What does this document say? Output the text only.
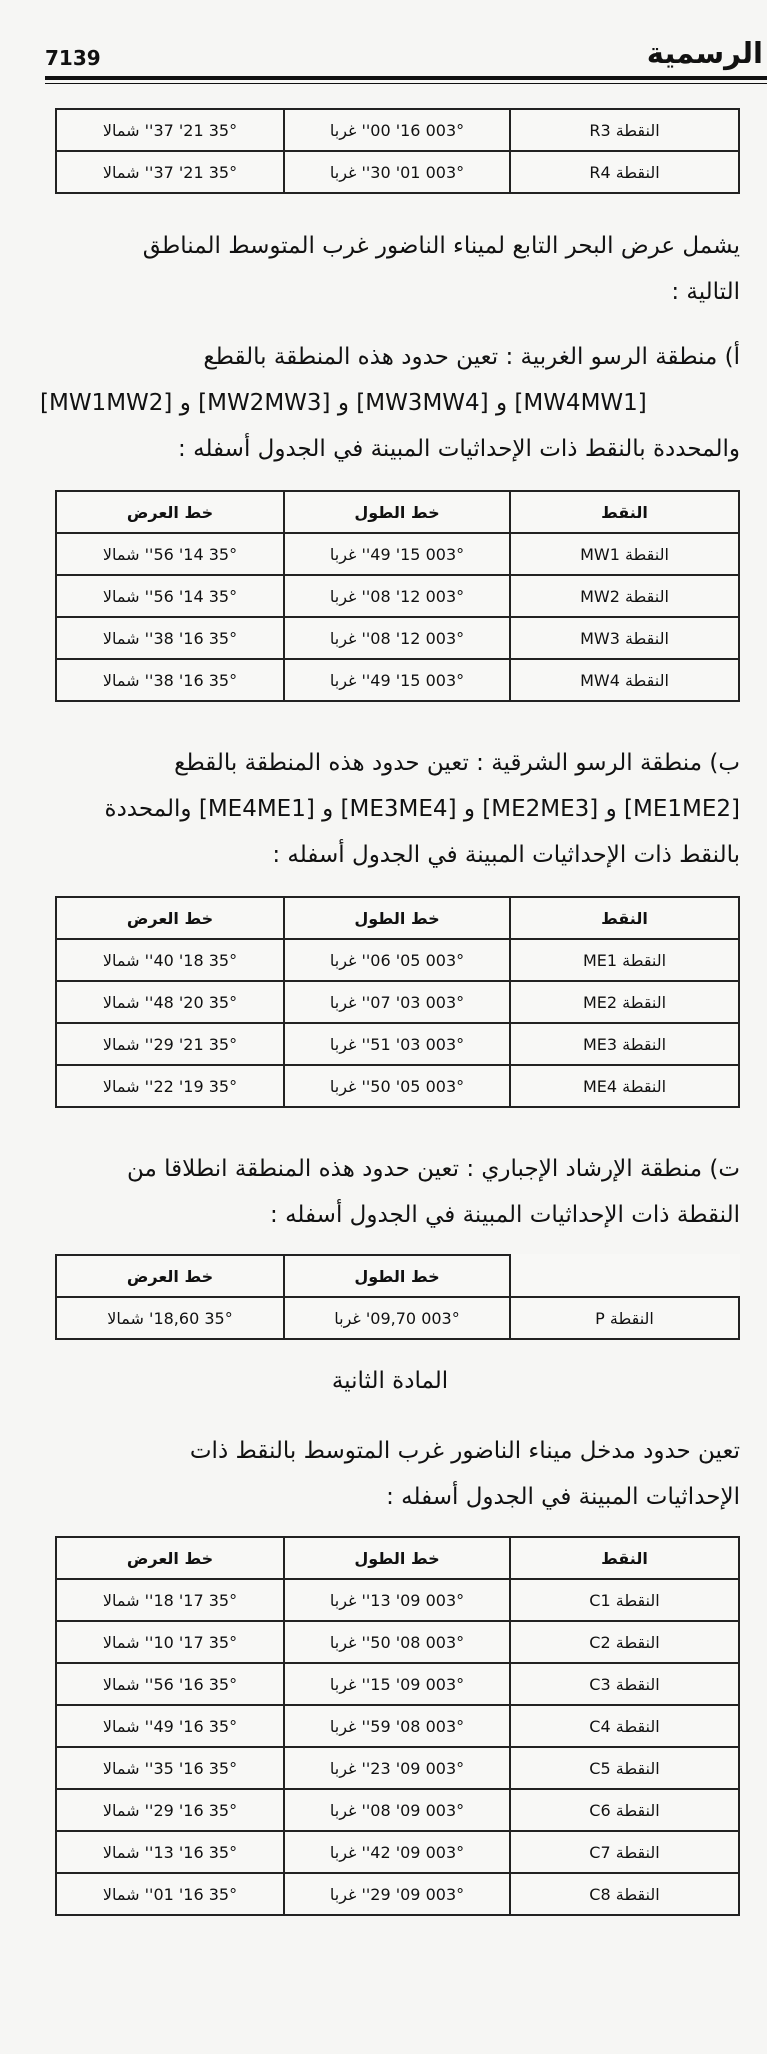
7139	الرسمية
النقطة R3	003° 16' 00'' غربا	35° 21' 37'' شمالا
النقطة R4	003° 01' 30'' غربا	35° 21' 37'' شمالا

يشمل عرض البحر التابع لميناء الناضور غرب المتوسط المناطق
التالية :

أ) منطقة الرسو الغربية : تعين حدود هذه المنطقة بالقطع
[MW1MW2] و [MW2MW3] و [MW3MW4] و [MW4MW1]
والمحددة بالنقط ذات الإحداثيات المبينة في الجدول أسفله :

النقط	خط الطول	خط العرض
النقطة MW1	003° 15' 49'' غربا	35° 14' 56'' شمالا
النقطة MW2	003° 12' 08'' غربا	35° 14' 56'' شمالا
النقطة MW3	003° 12' 08'' غربا	35° 16' 38'' شمالا
النقطة MW4	003° 15' 49'' غربا	35° 16' 38'' شمالا

ب) منطقة الرسو الشرقية : تعين حدود هذه المنطقة بالقطع
[ME1ME2] و [ME2ME3] و [ME3ME4] و [ME4ME1] والمحددة
بالنقط ذات الإحداثيات المبينة في الجدول أسفله :

النقط	خط الطول	خط العرض
النقطة ME1	003° 05' 06'' غربا	35° 18' 40'' شمالا
النقطة ME2	003° 03' 07'' غربا	35° 20' 48'' شمالا
النقطة ME3	003° 03' 51'' غربا	35° 21' 29'' شمالا
النقطة ME4	003° 05' 50'' غربا	35° 19' 22'' شمالا

ت) منطقة الإرشاد الإجباري : تعين حدود هذه المنطقة انطلاقا من
النقطة ذات الإحداثيات المبينة في الجدول أسفله :

	خط الطول	خط العرض
النقطة P	003° 09,70' غربا	35° 18,60' شمالا
المادة الثانية

تعين حدود مدخل ميناء الناضور غرب المتوسط بالنقط ذات
الإحداثيات المبينة في الجدول أسفله :

النقط	خط الطول	خط العرض
النقطة C1	003° 09' 13'' غربا	35° 17' 18'' شمالا
النقطة C2	003° 08' 50'' غربا	35° 17' 10'' شمالا
النقطة C3	003° 09' 15'' غربا	35° 16' 56'' شمالا
النقطة C4	003° 08' 59'' غربا	35° 16' 49'' شمالا
النقطة C5	003° 09' 23'' غربا	35° 16' 35'' شمالا
النقطة C6	003° 09' 08'' غربا	35° 16' 29'' شمالا
النقطة C7	003° 09' 42'' غربا	35° 16' 13'' شمالا
النقطة C8	003° 09' 29'' غربا	35° 16' 01'' شمالا
